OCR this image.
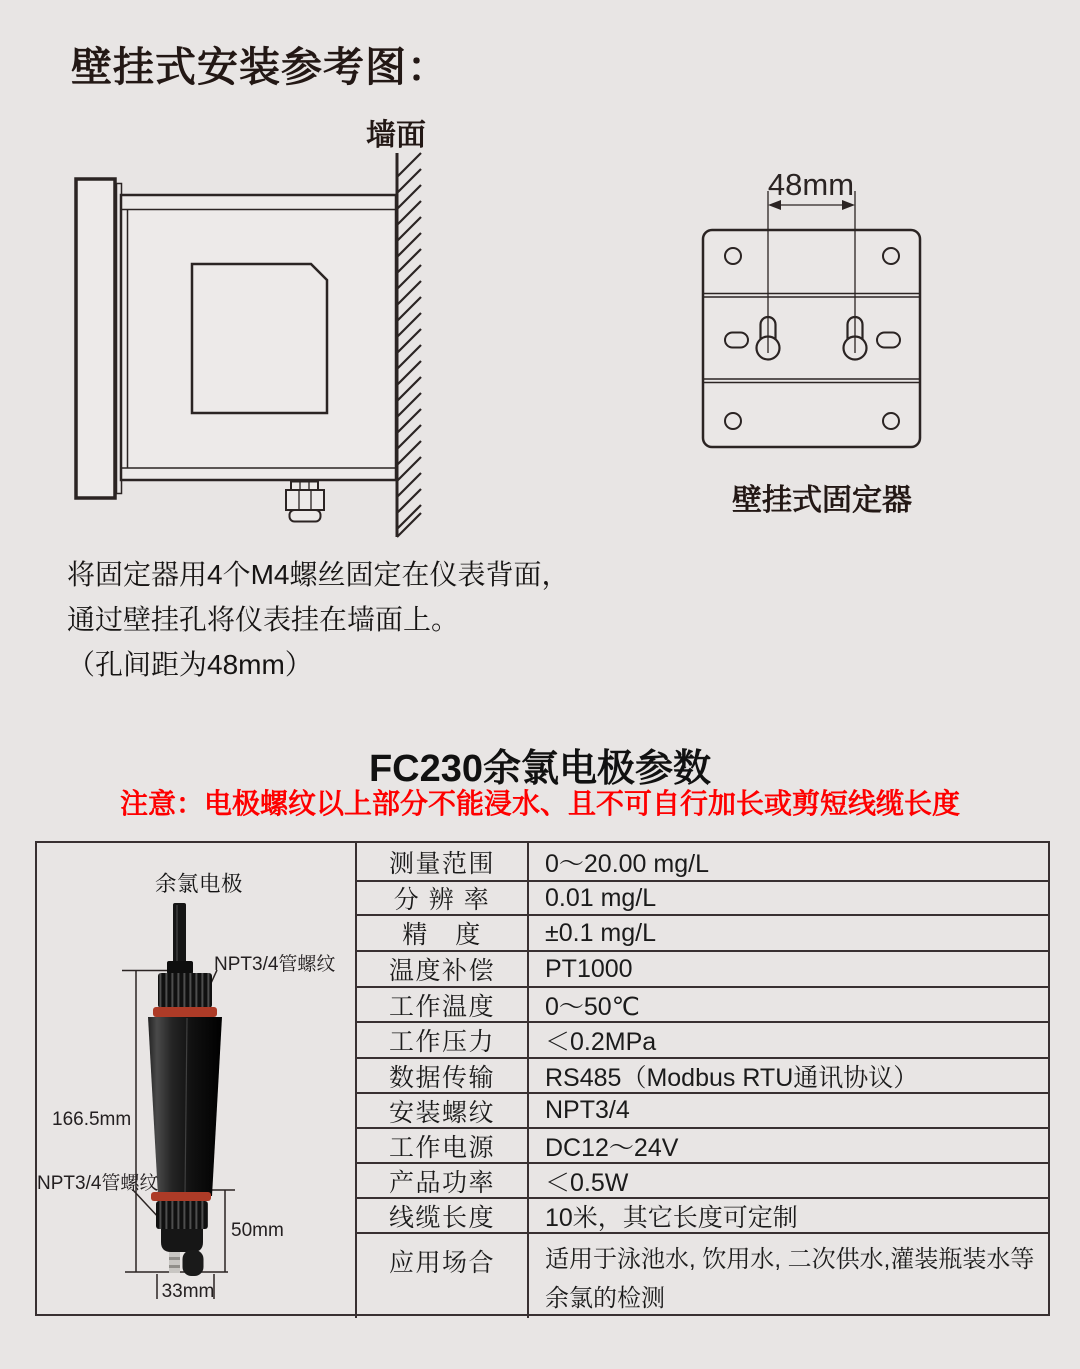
壁挂式安装参考图：
墙面
48mm
壁挂式固定器
将固定器用4个M4螺丝固定在仪表背面，
通过壁挂孔将仪表挂在墙面上。
（孔间距为48mm）
FC230余氯电极参数
注意：电极螺纹以上部分不能浸水、且不可自行加长或剪短线缆长度
余氯电极
NPT3/4管螺纹
166.5mm
NPT3/4管螺纹
50mm
33mm
测量范围	0～20.00 mg/L
分 辨 率	0.01 mg/L
精　度	±0.1 mg/L
温度补偿	PT1000
工作温度	0～50℃
工作压力	＜0.2MPa
数据传输	RS485（Modbus RTU通讯协议）
安装螺纹	NPT3/4
工作电源	DC12～24V
产品功率	＜0.5W
线缆长度	10米，其它长度可定制
应用场合	适用于泳池水, 饮用水, 二次供水,灌装瓶装水等
余氯的检测
